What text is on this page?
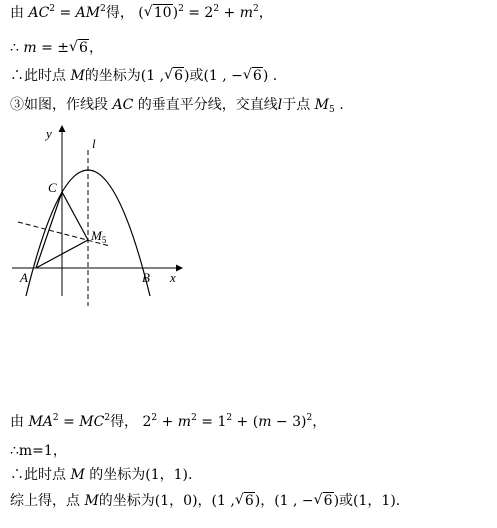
由 $AC^2 = AM^2$得， ( √ $10)^2 = 2^2 + m^2$，
∴ m = ± √ 6，
∴此时点 M的坐标为(1 , √ 6)或(1 , − √ 6) .
③如图，作线段 AC 的垂直平分线，交直线l于点 $M_5$ .
y
l
C
$M_5$
A	B x
由 $MA^2 = MC^2$得， $2^2 + m^2 = 1^2 + (m - 3)^2$，
∴m=1，
∴此时点 M 的坐标为(1，1).
综上得，点 M的坐标为(1，0)，(1 , √ 6)，(1 , − √ 6)或(1，1).
